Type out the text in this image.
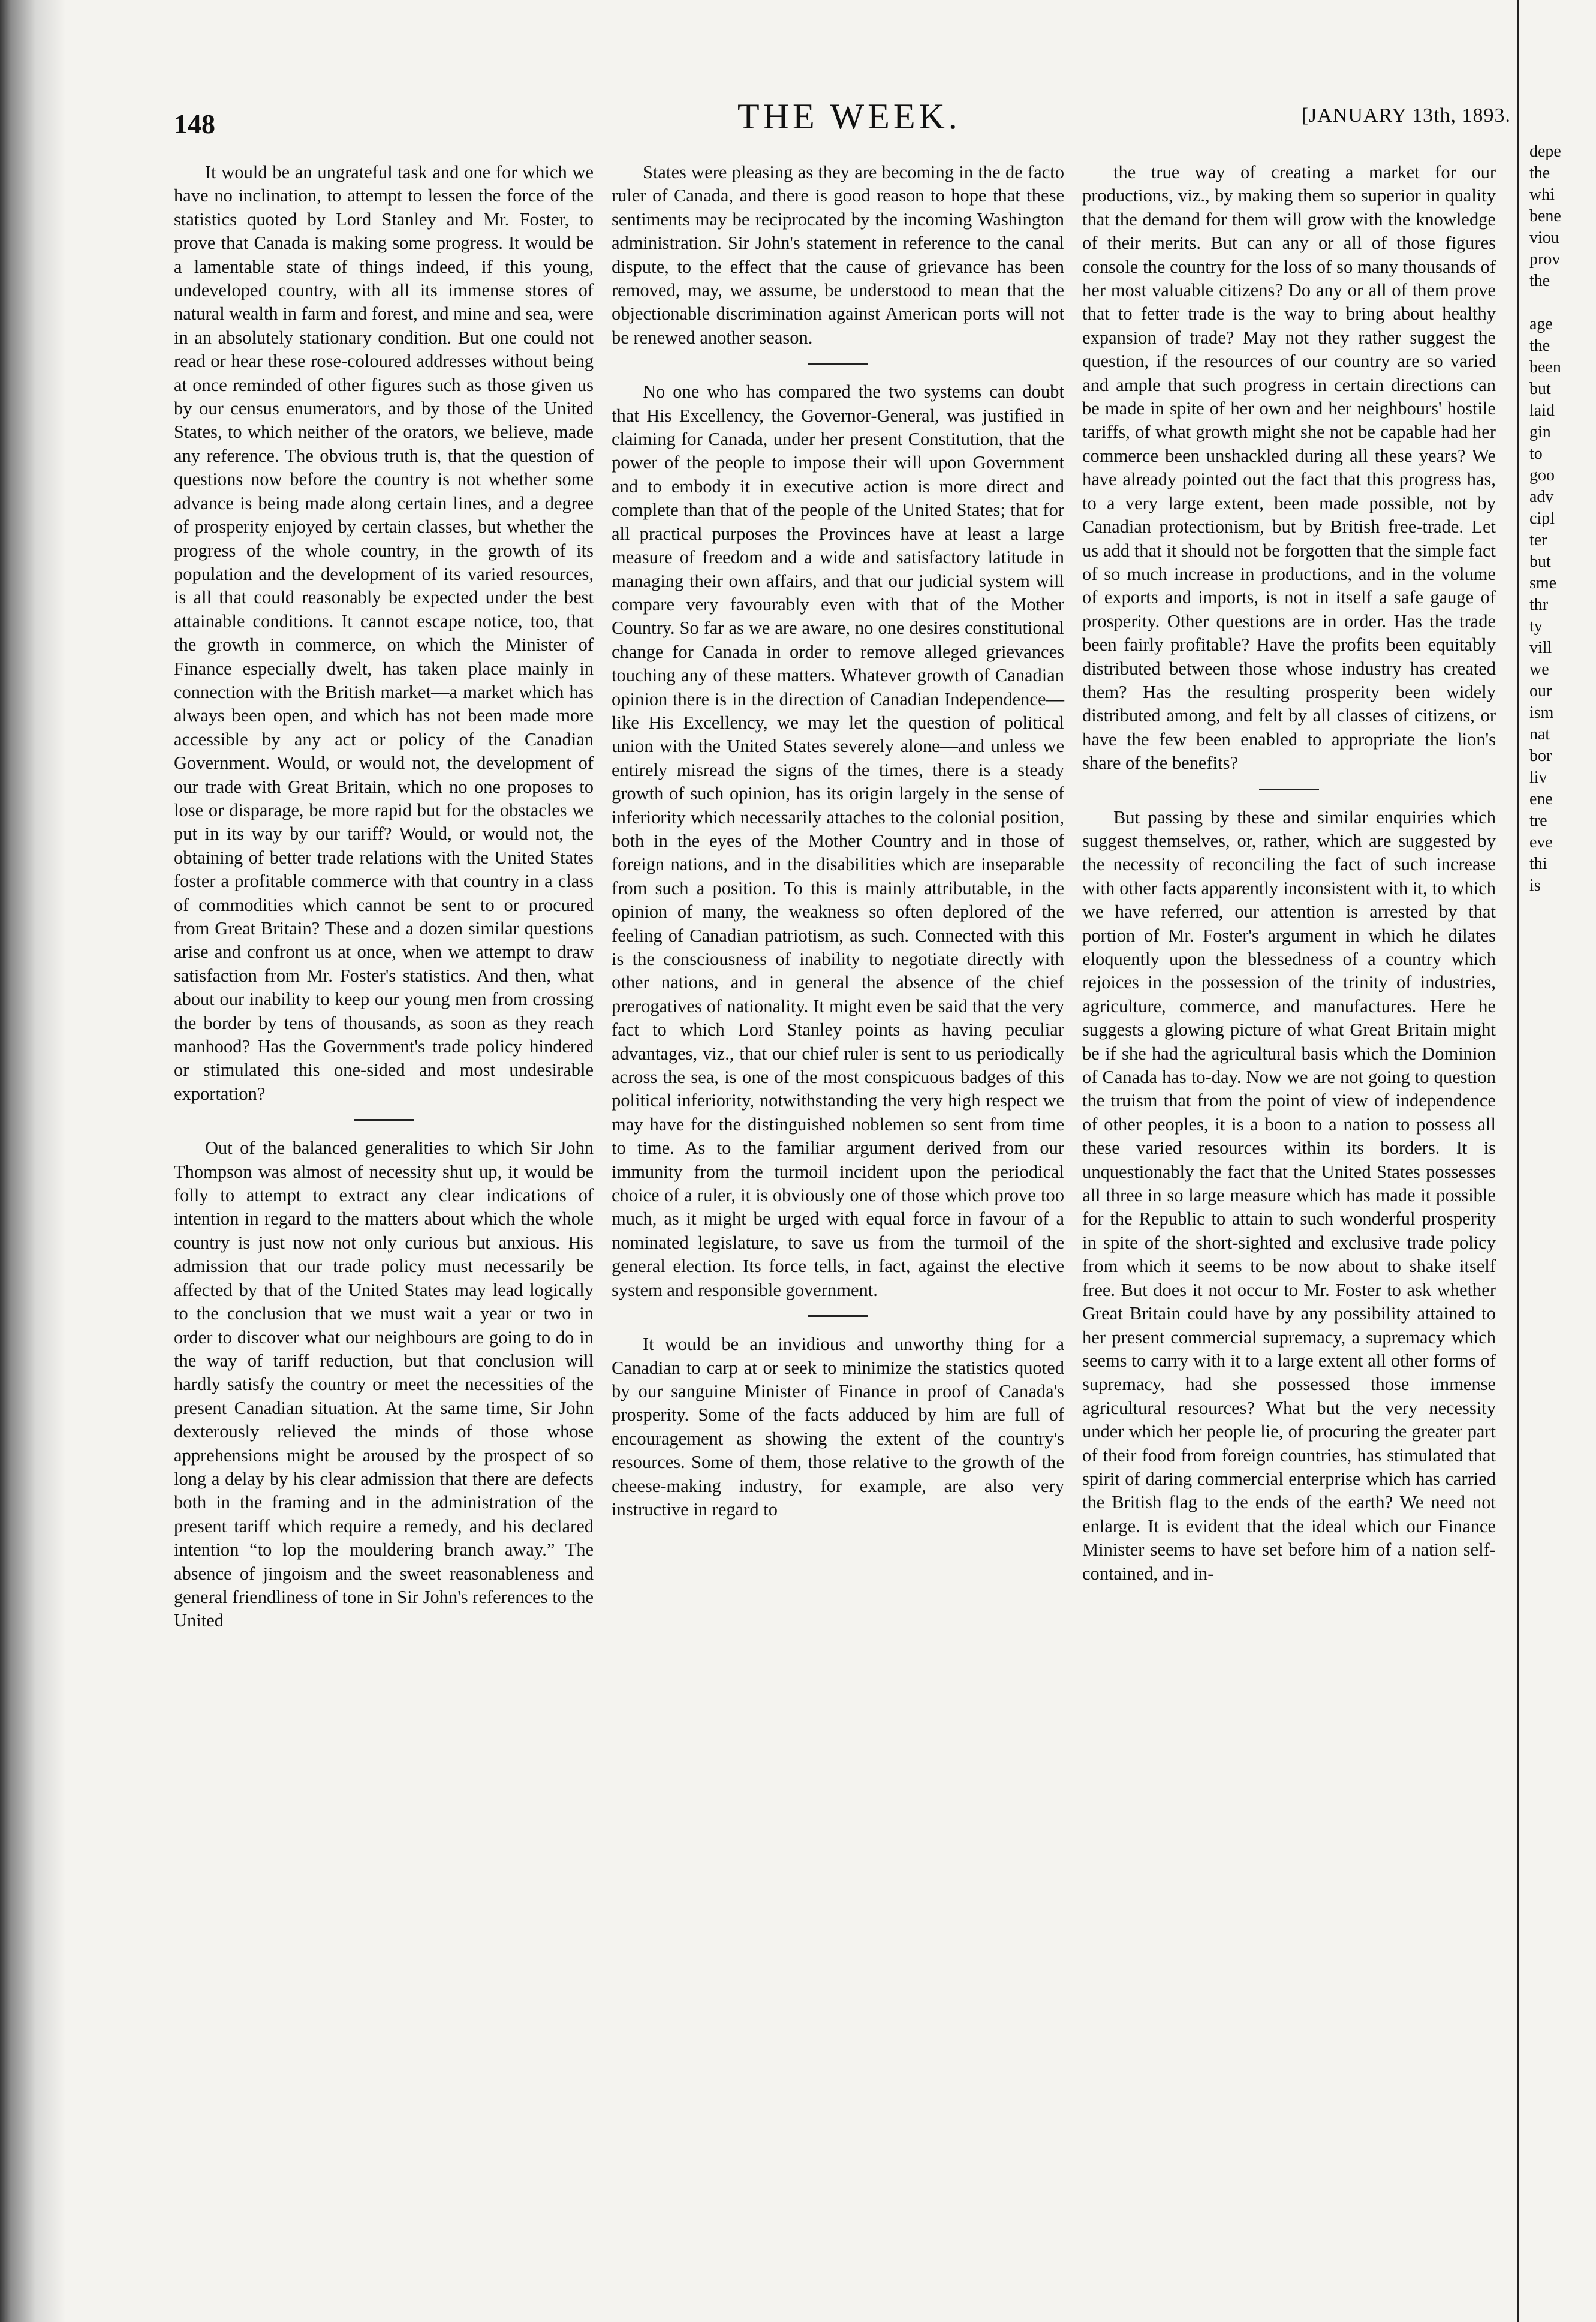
148	THE WEEK.	[JANUARY 13th, 1893.

It would be an ungrateful task and one for which we have no inclination, to attempt to lessen the force of the statistics quoted by Lord Stanley and Mr. Foster, to prove that Canada is making some progress. It would be a lamentable state of things indeed, if this young, undeveloped country, with all its immense stores of natural wealth in farm and forest, and mine and sea, were in an absolutely stationary condition. But one could not read or hear these rose-coloured addresses without being at once reminded of other figures such as those given us by our census enumerators, and by those of the United States, to which neither of the orators, we believe, made any reference. The obvious truth is, that the question of questions now before the country is not whether some advance is being made along certain lines, and a degree of prosperity enjoyed by certain classes, but whether the progress of the whole country, in the growth of its population and the development of its varied resources, is all that could reasonably be expected under the best attainable conditions. It cannot escape notice, too, that the growth in commerce, on which the Minister of Finance especially dwelt, has taken place mainly in connection with the British market—a market which has always been open, and which has not been made more accessible by any act or policy of the Canadian Government. Would, or would not, the development of our trade with Great Britain, which no one proposes to lose or disparage, be more rapid but for the obstacles we put in its way by our tariff? Would, or would not, the obtaining of better trade relations with the United States foster a profitable commerce with that country in a class of commodities which cannot be sent to or procured from Great Britain? These and a dozen similar questions arise and confront us at once, when we attempt to draw satisfaction from Mr. Foster's statistics. And then, what about our inability to keep our young men from crossing the border by tens of thousands, as soon as they reach manhood? Has the Government's trade policy hindered or stimulated this one-sided and most undesirable exportation?

Out of the balanced generalities to which Sir John Thompson was almost of necessity shut up, it would be folly to attempt to extract any clear indications of intention in regard to the matters about which the whole country is just now not only curious but anxious. His admission that our trade policy must necessarily be affected by that of the United States may lead logically to the conclusion that we must wait a year or two in order to discover what our neighbours are going to do in the way of tariff reduction, but that conclusion will hardly satisfy the country or meet the necessities of the present Canadian situation. At the same time, Sir John dexterously relieved the minds of those whose apprehensions might be aroused by the prospect of so long a delay by his clear admission that there are defects both in the framing and in the administration of the present tariff which require a remedy, and his declared intention “to lop the mouldering branch away.” The absence of jingoism and the sweet reasonableness and general friendliness of tone in Sir John's references to the United

States were pleasing as they are becoming in the de facto ruler of Canada, and there is good reason to hope that these sentiments may be reciprocated by the incoming Washington administration. Sir John's statement in reference to the canal dispute, to the effect that the cause of grievance has been removed, may, we assume, be understood to mean that the objectionable discrimination against American ports will not be renewed another season.

No one who has compared the two systems can doubt that His Excellency, the Governor-General, was justified in claiming for Canada, under her present Constitution, that the power of the people to impose their will upon Government and to embody it in executive action is more direct and complete than that of the people of the United States; that for all practical purposes the Provinces have at least a large measure of freedom and a wide and satisfactory latitude in managing their own affairs, and that our judicial system will compare very favourably even with that of the Mother Country. So far as we are aware, no one desires constitutional change for Canada in order to remove alleged grievances touching any of these matters. Whatever growth of Canadian opinion there is in the direction of Canadian Independence—like His Excellency, we may let the question of political union with the United States severely alone—and unless we entirely misread the signs of the times, there is a steady growth of such opinion, has its origin largely in the sense of inferiority which necessarily attaches to the colonial position, both in the eyes of the Mother Country and in those of foreign nations, and in the disabilities which are inseparable from such a position. To this is mainly attributable, in the opinion of many, the weakness so often deplored of the feeling of Canadian patriotism, as such. Connected with this is the consciousness of inability to negotiate directly with other nations, and in general the absence of the chief prerogatives of nationality. It might even be said that the very fact to which Lord Stanley points as having peculiar advantages, viz., that our chief ruler is sent to us periodically across the sea, is one of the most conspicuous badges of this political inferiority, notwithstanding the very high respect we may have for the distinguished noblemen so sent from time to time. As to the familiar argument derived from our immunity from the turmoil incident upon the periodical choice of a ruler, it is obviously one of those which prove too much, as it might be urged with equal force in favour of a nominated legislature, to save us from the turmoil of the general election. Its force tells, in fact, against the elective system and responsible government.

It would be an invidious and unworthy thing for a Canadian to carp at or seek to minimize the statistics quoted by our sanguine Minister of Finance in proof of Canada's prosperity. Some of the facts adduced by him are full of encouragement as showing the extent of the country's resources. Some of them, those relative to the growth of the cheese-making industry, for example, are also very instructive in regard to

the true way of creating a market for our productions, viz., by making them so superior in quality that the demand for them will grow with the knowledge of their merits. But can any or all of those figures console the country for the loss of so many thousands of her most valuable citizens? Do any or all of them prove that to fetter trade is the way to bring about healthy expansion of trade? May not they rather suggest the question, if the resources of our country are so varied and ample that such progress in certain directions can be made in spite of her own and her neighbours' hostile tariffs, of what growth might she not be capable had her commerce been unshackled during all these years? We have already pointed out the fact that this progress has, to a very large extent, been made possible, not by Canadian protectionism, but by British free-trade. Let us add that it should not be forgotten that the simple fact of so much increase in productions, and in the volume of exports and imports, is not in itself a safe gauge of prosperity. Other questions are in order. Has the trade been fairly profitable? Have the profits been equitably distributed between those whose industry has created them? Has the resulting prosperity been widely distributed among, and felt by all classes of citizens, or have the few been enabled to appropriate the lion's share of the benefits?

But passing by these and similar enquiries which suggest themselves, or, rather, which are suggested by the necessity of reconciling the fact of such increase with other facts apparently inconsistent with it, to which we have referred, our attention is arrested by that portion of Mr. Foster's argument in which he dilates eloquently upon the blessedness of a country which rejoices in the possession of the trinity of industries, agriculture, commerce, and manufactures. Here he suggests a glowing picture of what Great Britain might be if she had the agricultural basis which the Dominion of Canada has to-day. Now we are not going to question the truism that from the point of view of independence of other peoples, it is a boon to a nation to possess all these varied resources within its borders. It is unquestionably the fact that the United States possesses all three in so large measure which has made it possible for the Republic to attain to such wonderful prosperity in spite of the short-sighted and exclusive trade policy from which it seems to be now about to shake itself free. But does it not occur to Mr. Foster to ask whether Great Britain could have by any possibility attained to her present commercial supremacy, a supremacy which seems to carry with it to a large extent all other forms of supremacy, had she possessed those immense agricultural resources? What but the very necessity under which her people lie, of procuring the greater part of their food from foreign countries, has stimulated that spirit of daring commercial enterprise which has carried the British flag to the ends of the earth? We need not enlarge. It is evident that the ideal which our Finance Minister seems to have set before him of a nation self-contained, and in-

depe
the
whi
bene
viou
prov
the

age
the
been
but
laid
gin
to
goo
adv
cipl
ter
but
sme
thr
ty
vill
we
our
ism
nat
bor
liv
ene
tre
eve
thi
is
